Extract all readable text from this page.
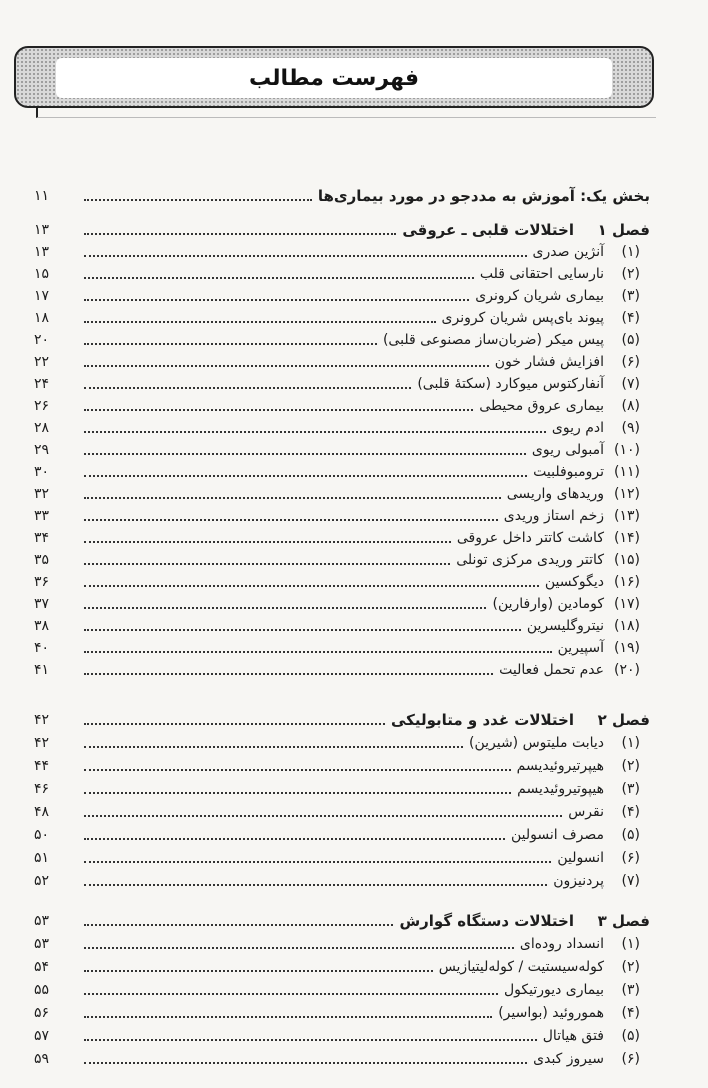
فهرست مطالب
بخش یک: آموزش به مددجو در مورد بیماری‌ها
۱۱
فصل ۱
اختلالات قلبی ـ عروقی
۱۳
(۱)
آنژین صدری
۱۳
(۲)
نارسایی احتقانی قلب
۱۵
(۳)
بیماری شریان کرونری
۱۷
(۴)
پیوند بای‌پس شریان کرونری
۱۸
(۵)
پیس میکر (ضربان‌ساز مصنوعی قلبی)
۲۰
(۶)
افزایش فشار خون
۲۲
(۷)
آنفارکتوس میوکارد (سکتهٔ قلبی)
۲۴
(۸)
بیماری عروق محیطی
۲۶
(۹)
ادم ریوی
۲۸
(۱۰)
آمبولی ریوی
۲۹
(۱۱)
ترومبوفلبیت
۳۰
(۱۲)
وریدهای واریسی
۳۲
(۱۳)
زخم استاز وریدی
۳۳
(۱۴)
کاشت کاتتر داخل عروقی
۳۴
(۱۵)
کاتتر وریدی مرکزی تونلی
۳۵
(۱۶)
دیگوکسین
۳۶
(۱۷)
کومادین (وارفارین)
۳۷
(۱۸)
نیتروگلیسرین
۳۸
(۱۹)
آسپیرین
۴۰
(۲۰)
عدم تحمل فعالیت
۴۱
فصل ۲
اختلالات غدد و متابولیکی
۴۲
(۱)
دیابت ملیتوس (شیرین)
۴۲
(۲)
هیپرتیروئیدیسم
۴۴
(۳)
هیپوتیروئیدیسم
۴۶
(۴)
نقرس
۴۸
(۵)
مصرف انسولین
۵۰
(۶)
انسولین
۵۱
(۷)
پردنیزون
۵۲
فصل ۳
اختلالات دستگاه گوارش
۵۳
(۱)
انسداد روده‌ای
۵۳
(۲)
کوله‌سیستیت / کوله‌لیتیازیس
۵۴
(۳)
بیماری دیورتیکول
۵۵
(۴)
هموروئید (بواسیر)
۵۶
(۵)
فتق هیاتال
۵۷
(۶)
سیروز کبدی
۵۹
